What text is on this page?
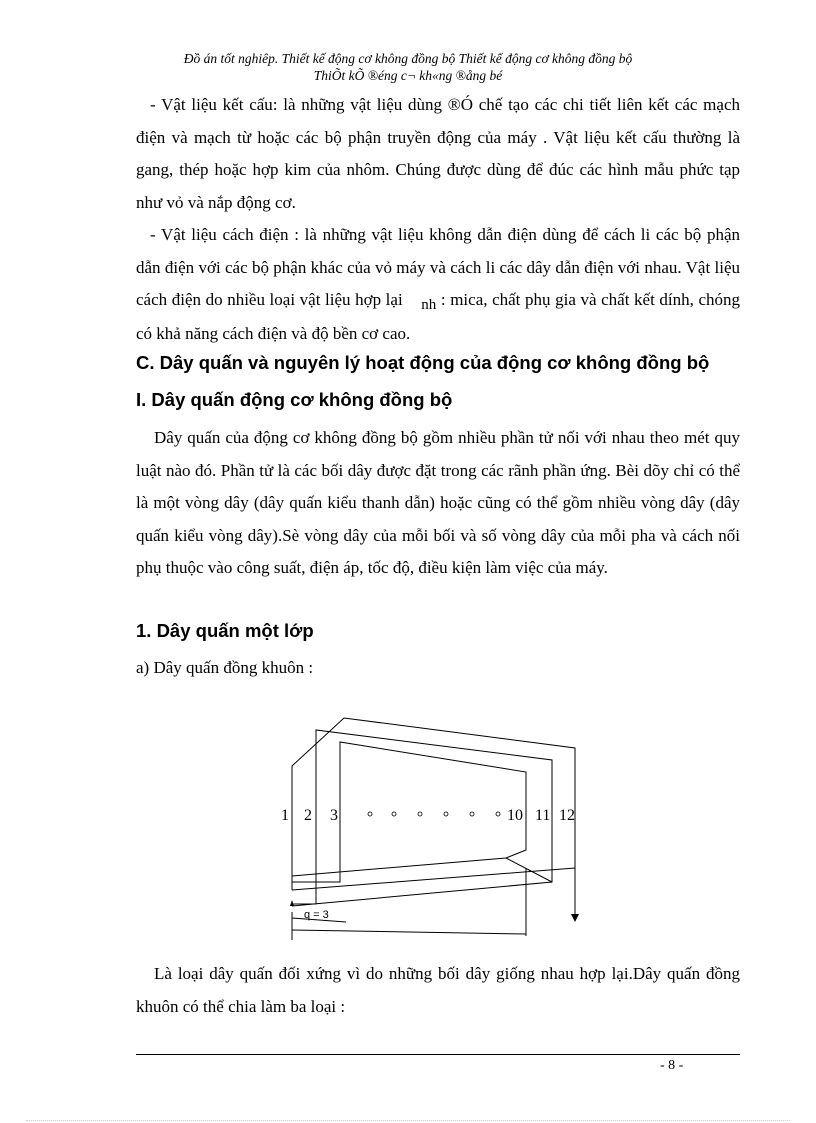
Đồ án tốt nghiêp. Thiết kế động cơ không đồng bộ Thiết kế động cơ không đồng bộ
ThiÕt kÕ ®éng c¬ kh«ng ®ång bé

- Vật liệu kết cấu: là những vật liệu dùng ®Ó chế tạo các chi tiết liên kết các mạch điện và mạch từ hoặc các bộ phận truyền động của máy . Vật liệu kết cấu thường là gang, thép hoặc hợp kim của nhôm. Chúng được dùng để đúc các hình mẫu phức tạp như vỏ và nắp động cơ.

- Vật liệu cách điện : là những vật liệu không dẫn điện dùng để cách li các bộ phận dẫn điện với các bộ phận khác của vỏ máy và cách li các dây dẫn điện với nhau. Vật liệu cách điện do nhiều loại vật liệu hợp lại nh : mica, chất phụ gia và chất kết dính, chóng có khả năng cách điện và độ bền cơ cao.

C. Dây quấn và nguyên lý hoạt động của động cơ không đồng bộ
I. Dây quấn động cơ không đồng bộ

Dây quấn của động cơ không đồng bộ gồm nhiều phần tử nối với nhau theo mét quy luật nào đó. Phần tử là các bối dây được đặt trong các rãnh phần ứng. Bèi dõy chỉ có thể là một vòng dây (dây quấn kiểu thanh dẫn) hoặc cũng có thể gồm nhiều vòng dây (dây quấn kiểu vòng dây).Sè vòng dây của mỗi bối và số vòng dây của mỗi pha và cách nối phụ thuộc vào công suất, điện áp, tốc độ, điều kiện làm việc của máy.

1. Dây quấn một lớp

a) Dây quấn đồng khuôn :

1 2 3	10 11 12
q = 3

Là loại dây quấn đối xứng vì do những bối dây giống nhau hợp lại.Dây quấn đồng khuôn có thể chia làm ba loại :

- 8 -
